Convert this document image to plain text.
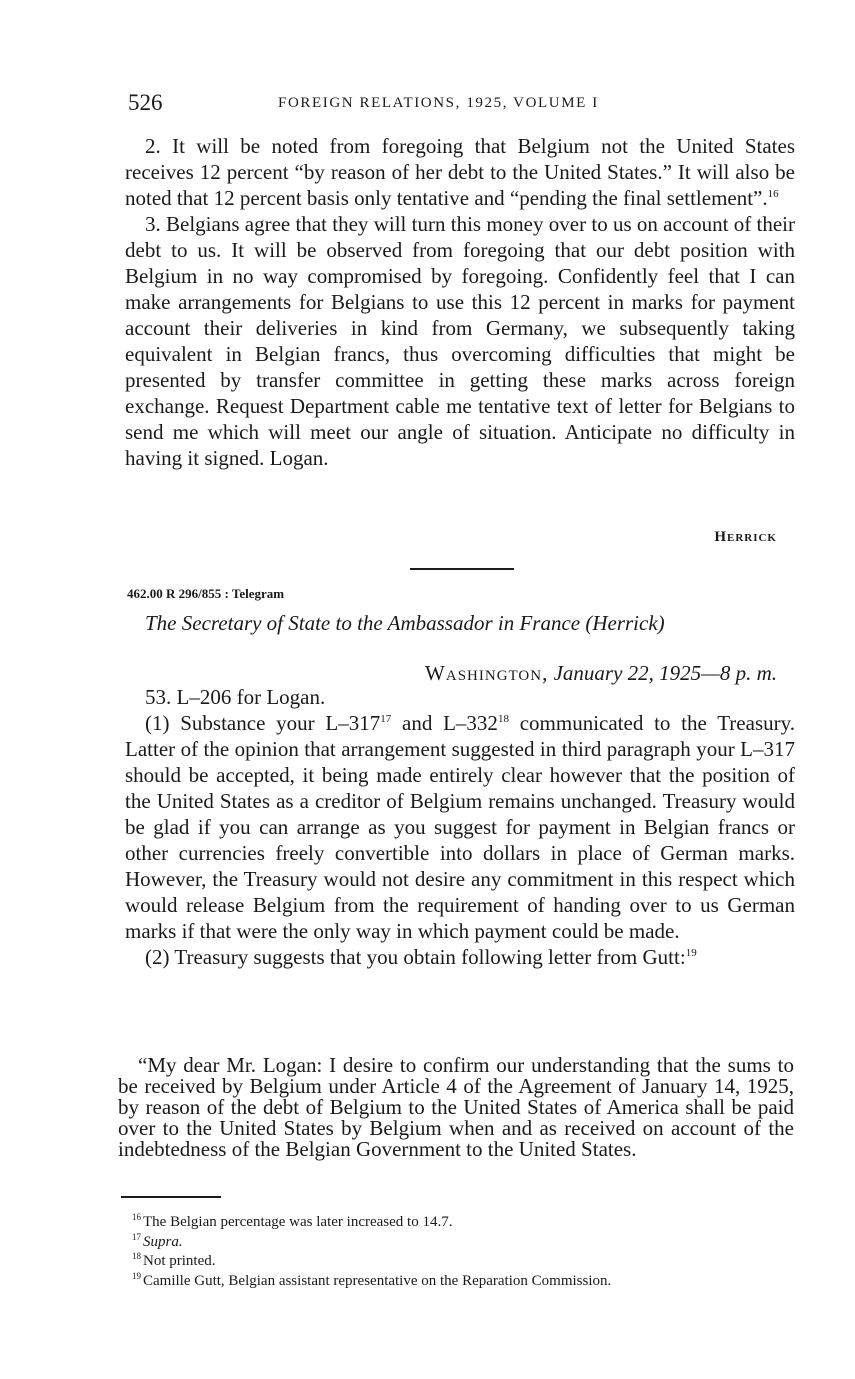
526	FOREIGN RELATIONS, 1925, VOLUME I

2. It will be noted from foregoing that Belgium not the United States receives 12 percent “by reason of her debt to the United States.” It will also be noted that 12 percent basis only tentative and “pending the final settlement”.$^{16}$

3. Belgians agree that they will turn this money over to us on account of their debt to us. It will be observed from foregoing that our debt position with Belgium in no way compromised by foregoing. Confidently feel that I can make arrangements for Belgians to use this 12 percent in marks for payment account their deliveries in kind from Germany, we subsequently taking equivalent in Belgian francs, thus overcoming difficulties that might be presented by transfer committee in getting these marks across foreign exchange. Request Department cable me tentative text of letter for Belgians to send me which will meet our angle of situation. Anticipate no difficulty in having it signed. Logan.

Herrick
462.00 R 296/855 : Telegram
The Secretary of State to the Ambassador in France (Herrick)
Washington, January 22, 1925—8 p. m.

53. L–206 for Logan.

(1) Substance your $L-317^{17}$ and $L-332^{18}$ communicated to the Treasury. Latter of the opinion that arrangement suggested in third paragraph your L–317 should be accepted, it being made entirely clear however that the position of the United States as a creditor of Belgium remains unchanged. Treasury would be glad if you can arrange as you suggest for payment in Belgian francs or other currencies freely convertible into dollars in place of German marks. However, the Treasury would not desire any commitment in this respect which would release Belgium from the requirement of handing over to us German marks if that were the only way in which payment could be made.

(2) Treasury suggests that you obtain following letter from Gutt:$^{19}$

“My dear Mr. Logan: I desire to confirm our understanding that the sums to be received by Belgium under Article 4 of the Agreement of January 14, 1925, by reason of the debt of Belgium to the United States of America shall be paid over to the United States by Belgium when and as received on account of the indebtedness of the Belgian Government to the United States.

$^{16}$ The Belgian percentage was later increased to 14.7.
$^{17}$ Supra.
$^{18}$ Not printed.
$^{19}$ Camille Gutt, Belgian assistant representative on the Reparation Commission.
